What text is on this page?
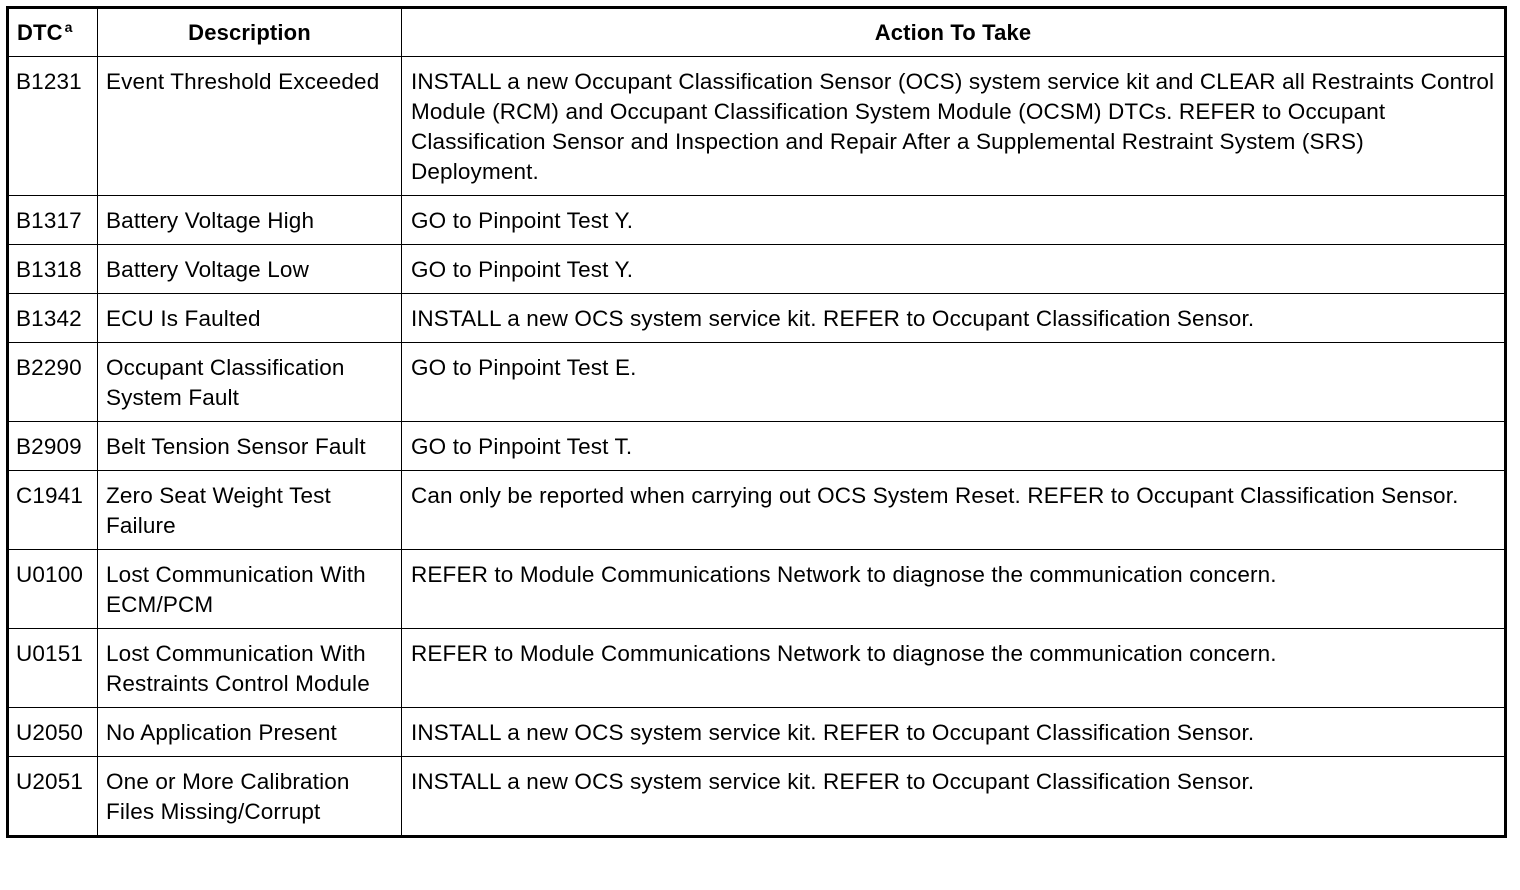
DTC $^a$	Description	Action To Take
B1231	Event Threshold Exceeded	INSTALL a new Occupant Classification Sensor (OCS) system service kit and CLEAR all Restraints Control Module (RCM) and Occupant Classification System Module (OCSM) DTCs. REFER to Occupant Classification Sensor and Inspection and Repair After a Supplemental Restraint System (SRS) Deployment.
B1317	Battery Voltage High	GO to Pinpoint Test Y.
B1318	Battery Voltage Low	GO to Pinpoint Test Y.
B1342	ECU Is Faulted	INSTALL a new OCS system service kit. REFER to Occupant Classification Sensor.
B2290	Occupant Classification System Fault	GO to Pinpoint Test E.
B2909	Belt Tension Sensor Fault	GO to Pinpoint Test T.
C1941	Zero Seat Weight Test Failure	Can only be reported when carrying out OCS System Reset. REFER to Occupant Classification Sensor.
U0100	Lost Communication With ECM/PCM	REFER to Module Communications Network to diagnose the communication concern.
U0151	Lost Communication With Restraints Control Module	REFER to Module Communications Network to diagnose the communication concern.
U2050	No Application Present	INSTALL a new OCS system service kit. REFER to Occupant Classification Sensor.
U2051	One or More Calibration Files Missing/Corrupt	INSTALL a new OCS system service kit. REFER to Occupant Classification Sensor.
